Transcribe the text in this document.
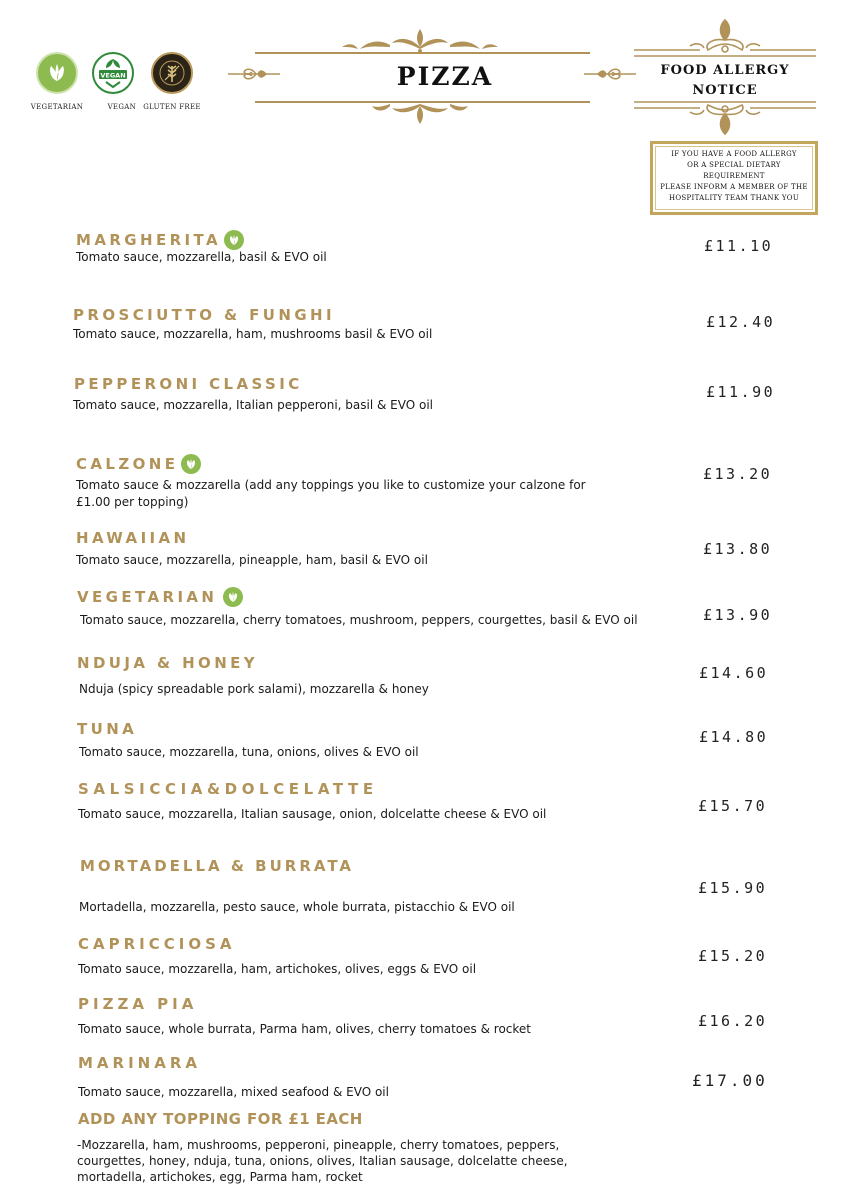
VEGETARIAN
VEGAN
VEGAN GLUTEN FREE
PIZZA	FOOD ALLERGY
NOTICE
IF YOU HAVE A FOOD ALLERGY
OR A SPECIAL DIETARY
REQUIREMENT
PLEASE INFORM A MEMBER OF THE
HOSPITALITY TEAM THANK YOU
MARGHERITA
Tomato sauce, mozzarella, basil & EVO oil
£11.10
PROSCIUTTO & FUNGHI
Tomato sauce, mozzarella, ham, mushrooms basil & EVO oil
£12.40
PEPPERONI CLASSIC
Tomato sauce, mozzarella, Italian pepperoni, basil & EVO oil
£11.90
CALZONE
Tomato sauce & mozzarella (add any toppings you like to customize your calzone for
£1.00 per topping)
£13.20
HAWAIIAN
Tomato sauce, mozzarella, pineapple, ham, basil & EVO oil
£13.80
VEGETARIAN
Tomato sauce, mozzarella, cherry tomatoes, mushroom, peppers, courgettes, basil & EVO oil	£13.90
NDUJA & HONEY
Nduja (spicy spreadable pork salami), mozzarella & honey
£14.60
TUNA
Tomato sauce, mozzarella, tuna, onions, olives & EVO oil
£14.80
SALSICCIA&DOLCELATTE
Tomato sauce, mozzarella, Italian sausage, onion, dolcelatte cheese & EVO oil	£15.70
MORTADELLA & BURRATA
Mortadella, mozzarella, pesto sauce, whole burrata, pistacchio & EVO oil
£15.90
CAPRICCIOSA
Tomato sauce, mozzarella, ham, artichokes, olives, eggs & EVO oil
£15.20
PIZZA PIA
Tomato sauce, whole burrata, Parma ham, olives, cherry tomatoes & rocket	£16.20
MARINARA
Tomato sauce, mozzarella, mixed seafood & EVO oil
£17.00
ADD ANY TOPPING FOR £1 EACH
-Mozzarella, ham, mushrooms, pepperoni, pineapple, cherry tomatoes, peppers, courgettes, honey, nduja, tuna, onions, olives, Italian sausage, dolcelatte cheese, mortadella, artichokes, egg, Parma ham, rocket
